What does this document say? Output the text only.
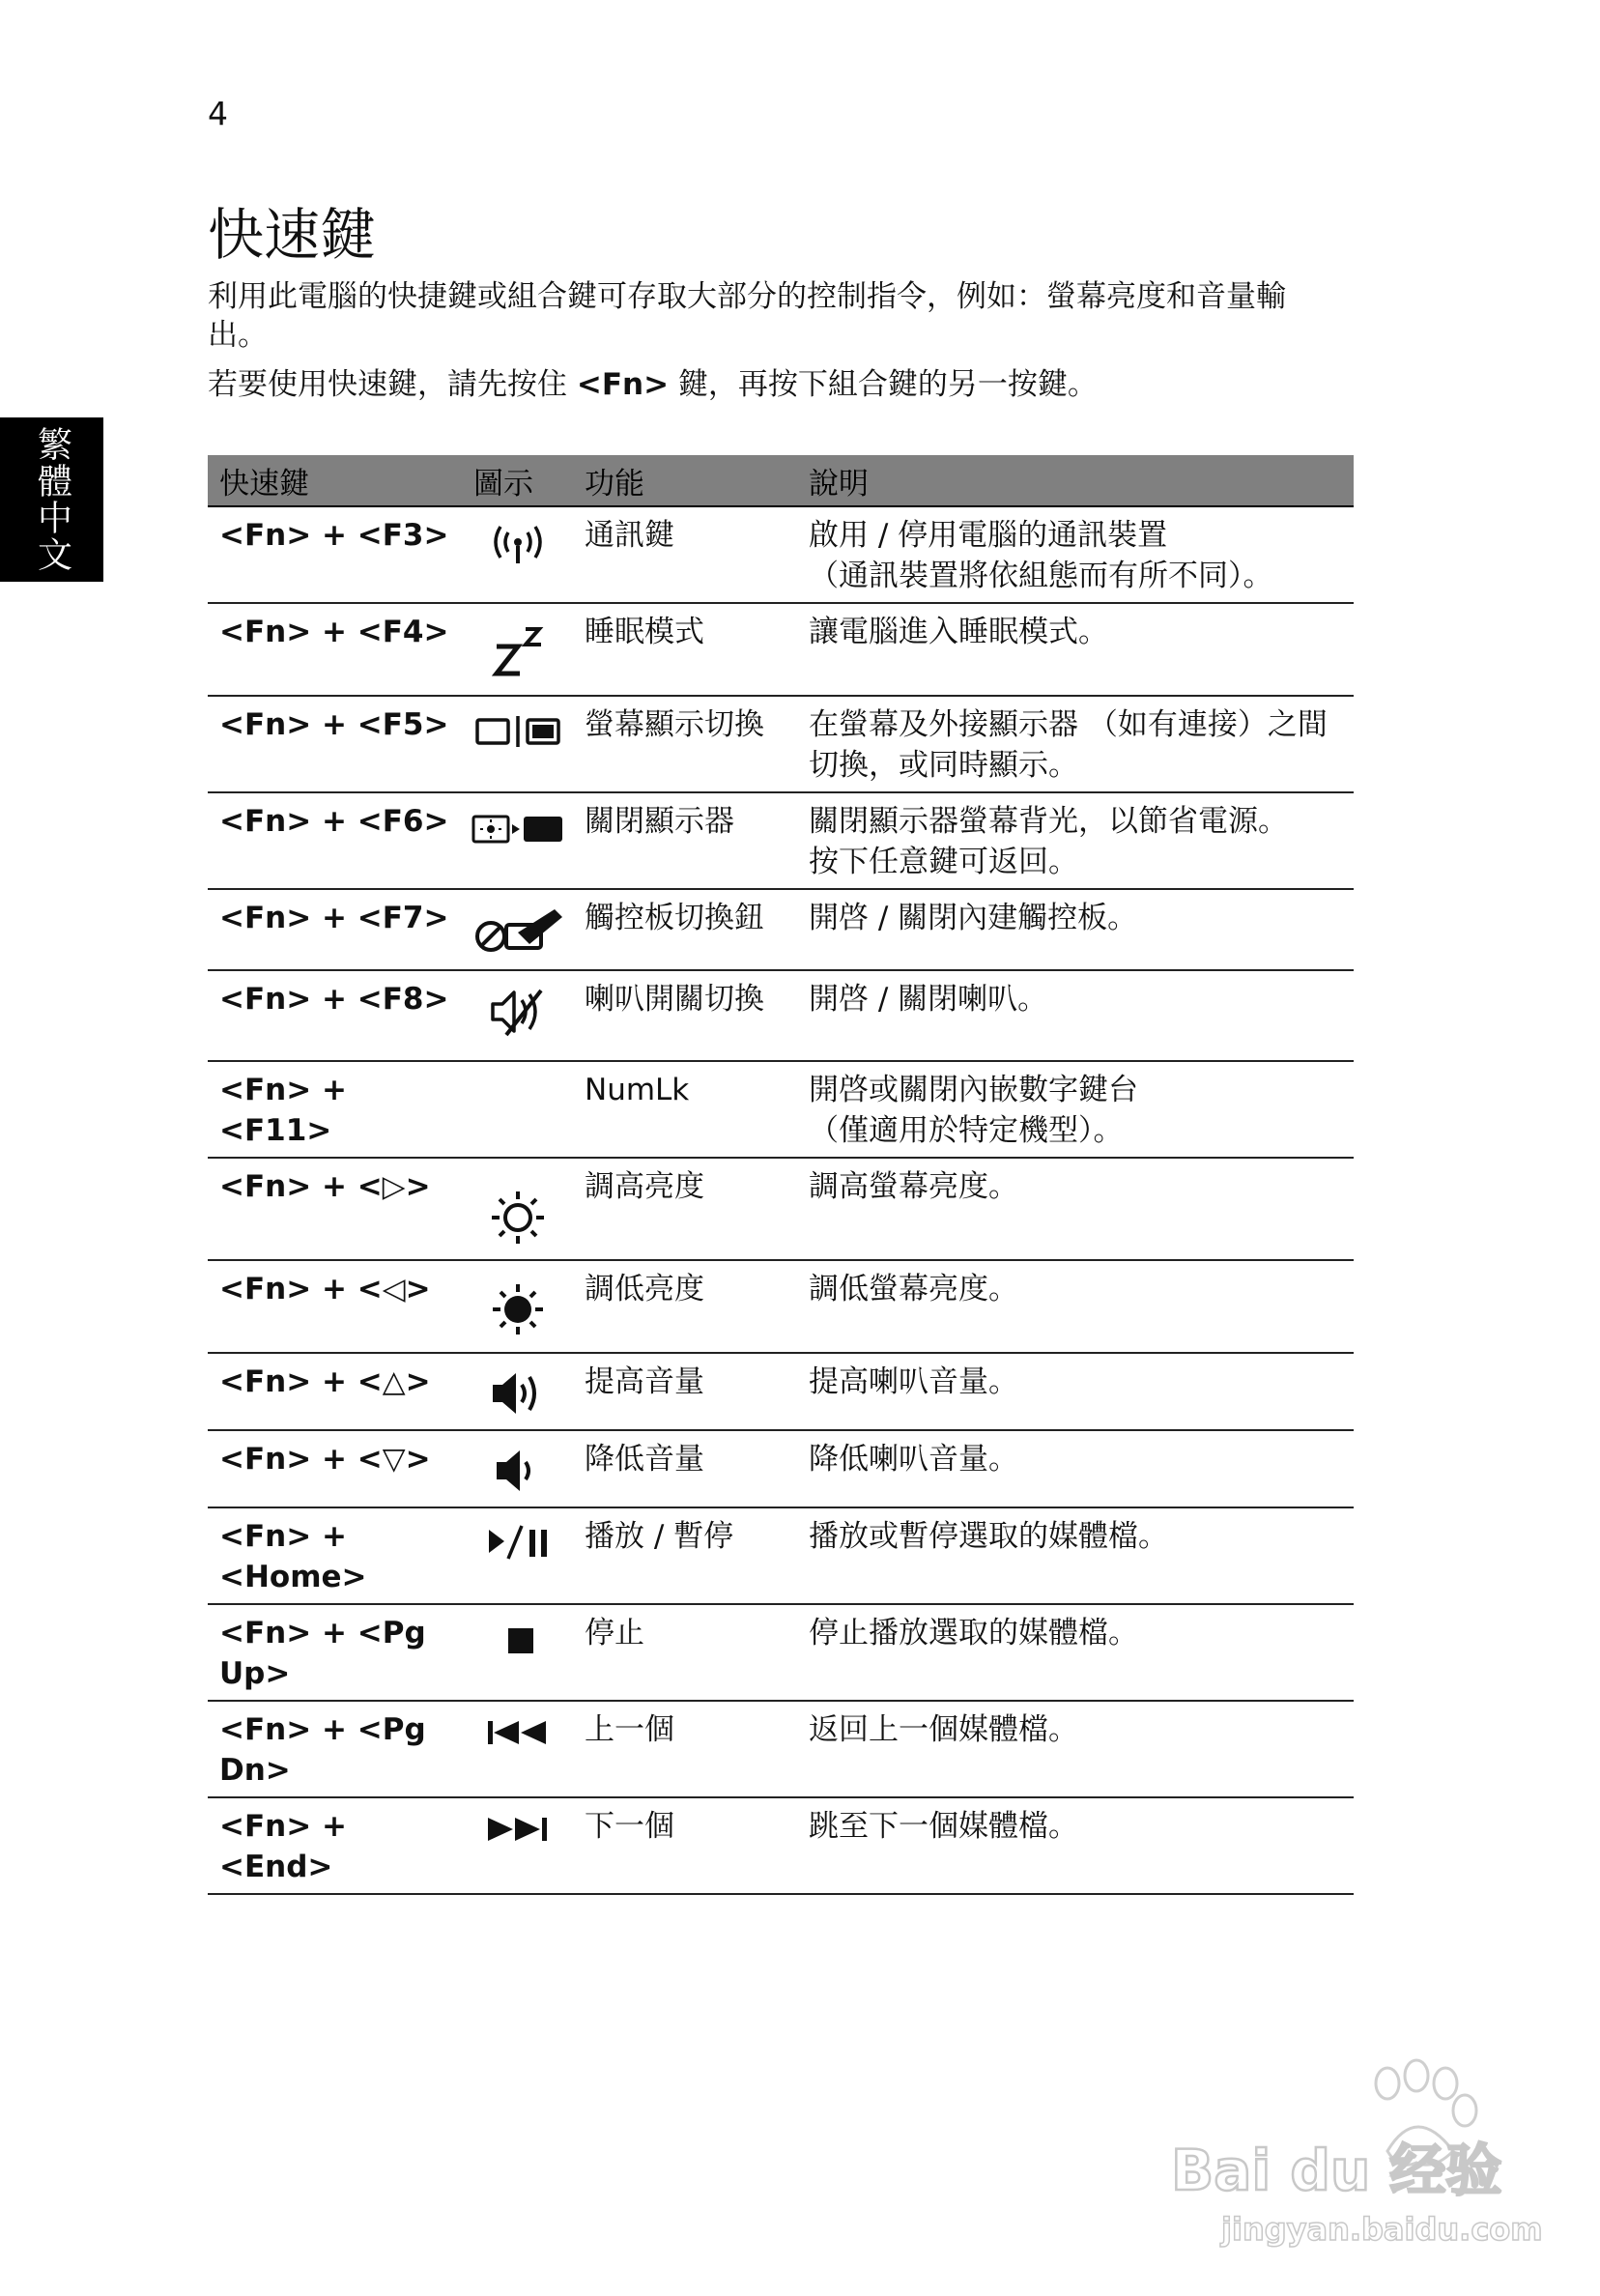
4
繁體中文
快速鍵

利用此電腦的快捷鍵或組合鍵可存取大部分的控制指令，例如：螢幕亮度和音量輸出。

若要使用快速鍵，請先按住 <Fn> 鍵，再按下組合鍵的另一按鍵。

快速鍵	圖示	功能	說明
<Fn> + <F3>		通訊鍵	啟用 / 停用電腦的通訊裝置
（通訊裝置將依組態而有所不同）。

<Fn> + <F4>		睡眠模式	讓電腦進入睡眠模式。

<Fn> + <F5>		螢幕顯示切換	在螢幕及外接顯示器 （如有連接）之間
切換，或同時顯示。

<Fn> + <F6>		關閉顯示器	關閉顯示器螢幕背光，以節省電源。
按下任意鍵可返回。

<Fn> + <F7>		觸控板切換鈕	開啓 / 關閉內建觸控板。

<Fn> + <F8>		喇叭開關切換	開啓 / 關閉喇叭。

<Fn> + <F11>		NumLk	開啓或關閉內嵌數字鍵台
（僅適用於特定機型）。

<Fn> + <▷>		調高亮度	調高螢幕亮度。

<Fn> + <◁>		調低亮度	調低螢幕亮度。

<Fn> + <△>		提高音量	提高喇叭音量。

<Fn> + <▽>		降低音量	降低喇叭音量。

<Fn> + <Home>		播放 / 暫停	播放或暫停選取的媒體檔。

<Fn> + <Pg Up>		停止	停止播放選取的媒體檔。

<Fn> + <Pg Dn>		上一個	返回上一個媒體檔。

<Fn> + <End>		下一個	跳至下一個媒體檔。
Bai du 经验
jingyan.baidu.com
